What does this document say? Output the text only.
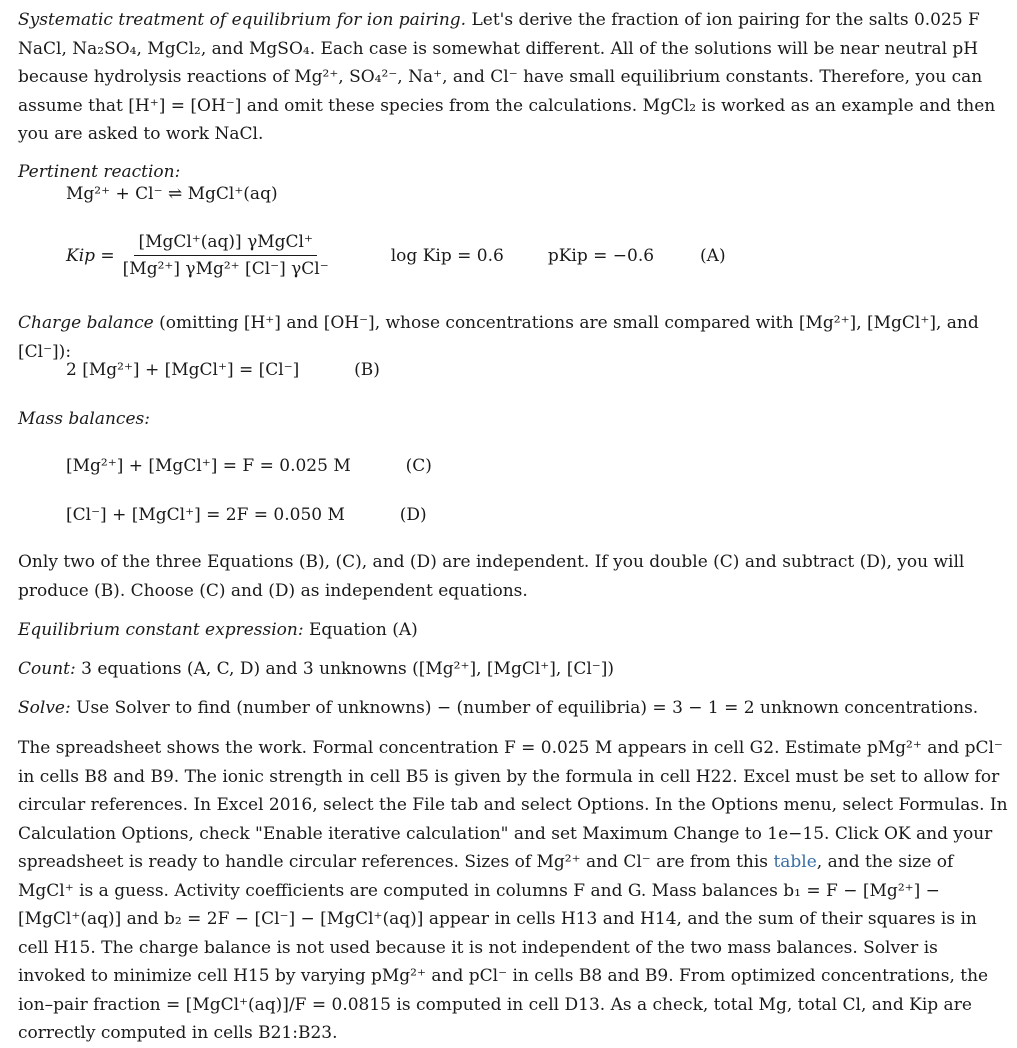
Systematic treatment of equilibrium for ion pairing. Let's derive the fraction of ion pairing for the salts 0.025 F NaCl, Na₂SO₄, MgCl₂, and MgSO₄. Each case is somewhat different. All of the solutions will be near neutral pH because hydrolysis reactions of Mg²⁺, SO₄²⁻, Na⁺, and Cl⁻ have small equilibrium constants. Therefore, you can assume that [H⁺] = [OH⁻] and omit these species from the calculations. MgCl₂ is worked as an example and then you are asked to work NaCl.

Pertinent reaction:

Mg²⁺ + Cl⁻ ⇌ MgCl⁺(aq)
Kip = $\frac{\text{[MgCl⁺(aq)] γMgCl⁺}}{\text{[Mg²⁺] γMg²⁺ [Cl⁻] γCl⁻}}$	log Kip = 0.6	pKip = −0.6	(A)

Charge balance (omitting [H⁺] and [OH⁻], whose concentrations are small compared with [Mg²⁺], [MgCl⁺], and [Cl⁻]):

2 [Mg²⁺] + [MgCl⁺] = [Cl⁻]	(B)

Mass balances:

[Mg²⁺] + [MgCl⁺] = F = 0.025 M	(C)
[Cl⁻] + [MgCl⁺] = 2F = 0.050 M	(D)

Only two of the three Equations (B), (C), and (D) are independent. If you double (C) and subtract (D), you will produce (B). Choose (C) and (D) as independent equations.

Equilibrium constant expression: Equation (A)

Count: 3 equations (A, C, D) and 3 unknowns ([Mg²⁺], [MgCl⁺], [Cl⁻])

Solve: Use Solver to find (number of unknowns) − (number of equilibria) = 3 − 1 = 2 unknown concentrations.

The spreadsheet shows the work. Formal concentration F = 0.025 M appears in cell G2. Estimate pMg²⁺ and pCl⁻ in cells B8 and B9. The ionic strength in cell B5 is given by the formula in cell H22. Excel must be set to allow for circular references. In Excel 2016, select the File tab and select Options. In the Options menu, select Formulas. In Calculation Options, check "Enable iterative calculation" and set Maximum Change to 1e−15. Click OK and your spreadsheet is ready to handle circular references. Sizes of Mg²⁺ and Cl⁻ are from this table, and the size of MgCl⁺ is a guess. Activity coefficients are computed in columns F and G. Mass balances b₁ = F − [Mg²⁺] − [MgCl⁺(aq)] and b₂ = 2F − [Cl⁻] − [MgCl⁺(aq)] appear in cells H13 and H14, and the sum of their squares is in cell H15. The charge balance is not used because it is not independent of the two mass balances. Solver is invoked to minimize cell H15 by varying pMg²⁺ and pCl⁻ in cells B8 and B9. From optimized concentrations, the ion–pair fraction = [MgCl⁺(aq)]/F = 0.0815 is computed in cell D13. As a check, total Mg, total Cl, and Kip are correctly computed in cells B21:B23.
